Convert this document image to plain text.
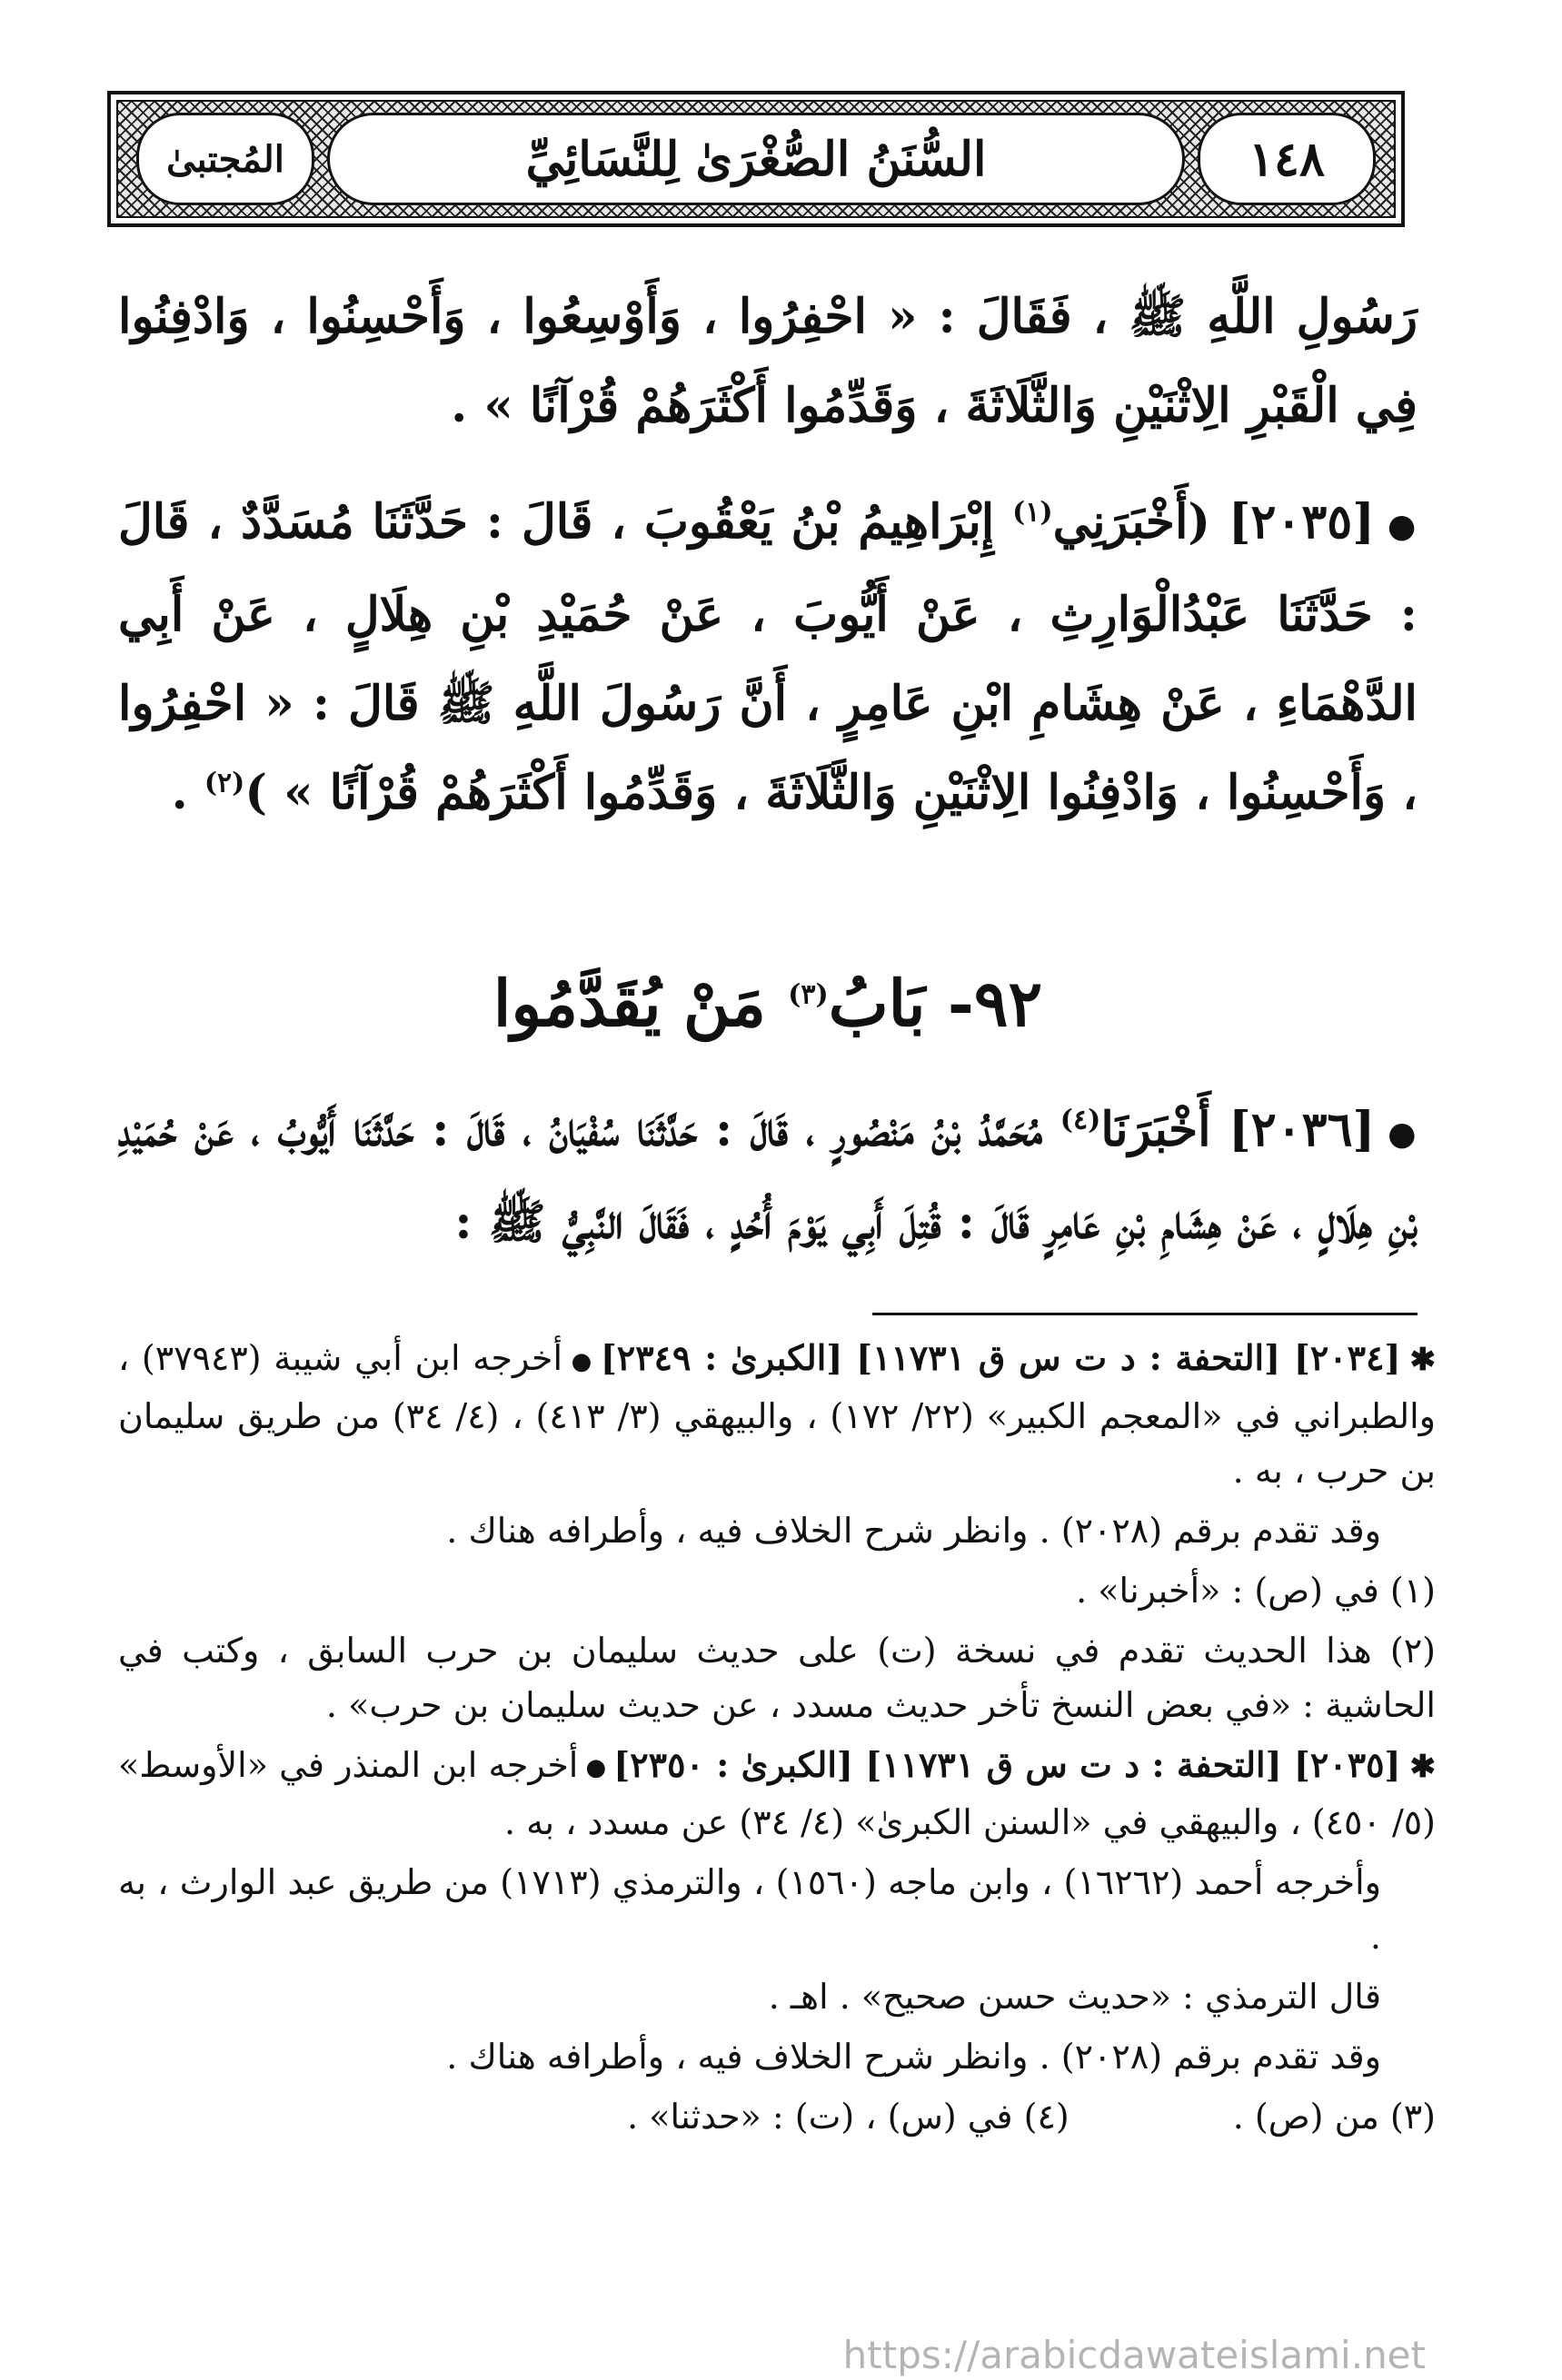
١٤٨
السُّنَنُ الصُّغْرَىٰ لِلنَّسَائِيِّ
المُجتبىٰ

رَسُولِ اللَّهِ ﷺ ، فَقَالَ : « احْفِرُوا ، وَأَوْسِعُوا ، وَأَحْسِنُوا ، وَادْفِنُوا فِي الْقَبْرِ الِاثْنَيْنِ وَالثَّلَاثَةَ ، وَقَدِّمُوا أَكْثَرَهُمْ قُرْآنًا » .

●[٢٠٣٥] (أَخْبَرَنِي$^{(١)}$ إِبْرَاهِيمُ بْنُ يَعْقُوبَ ، قَالَ : حَدَّثَنَا مُسَدَّدٌ ، قَالَ : حَدَّثَنَا عَبْدُالْوَارِثِ ، عَنْ أَيُّوبَ ، عَنْ حُمَيْدِ بْنِ هِلَالٍ ، عَنْ أَبِي الدَّهْمَاءِ ، عَنْ هِشَامِ ابْنِ عَامِرٍ ، أَنَّ رَسُولَ اللَّهِ ﷺ قَالَ : « احْفِرُوا ، وَأَحْسِنُوا ، وَادْفِنُوا الِاثْنَيْنِ وَالثَّلَاثَةَ ، وَقَدِّمُوا أَكْثَرَهُمْ قُرْآنًا » )$^{(٢)}$ .

٩٢- بَابُ$^{(٣)}$ مَنْ يُقَدَّمُوا

●[٢٠٣٦] أَخْبَرَنَا$^{(٤)}$ مُحَمَّدُ بْنُ مَنْصُورٍ ، قَالَ : حَدَّثَنَا سُفْيَانُ ، قَالَ : حَدَّثَنَا أَيُّوبُ ، عَنْ حُمَيْدِ بْنِ هِلَالٍ ، عَنْ هِشَامِ بْنِ عَامِرٍ قَالَ : قُتِلَ أَبِي يَوْمَ أُحُدٍ ، فَقَالَ النَّبِيُّ ﷺ :

✱[٢٠٣٤] [التحفة : د ت س ق ١١٧٣١] [الكبرىٰ : ٢٣٤٩]●أخرجه ابن أبي شيبة (٣٧٩٤٣) ، والطبراني في «المعجم الكبير» (٢٢/ ١٧٢) ، والبيهقي (٣/ ٤١٣) ، (٤/ ٣٤) من طريق سليمان بن حرب ، به .

وقد تقدم برقم (٢٠٢٨) . وانظر شرح الخلاف فيه ، وأطرافه هناك .

(١) في (ص) : «أخبرنا» .

(٢) هذا الحديث تقدم في نسخة (ت) على حديث سليمان بن حرب السابق ، وكتب في الحاشية : «في بعض النسخ تأخر حديث مسدد ، عن حديث سليمان بن حرب» .

✱[٢٠٣٥] [التحفة : د ت س ق ١١٧٣١] [الكبرىٰ : ٢٣٥٠]●أخرجه ابن المنذر في «الأوسط» (٥/ ٤٥٠) ، والبيهقي في «السنن الكبرىٰ» (٤/ ٣٤) عن مسدد ، به .

وأخرجه أحمد (١٦٢٦٢) ، وابن ماجه (١٥٦٠) ، والترمذي (١٧١٣) من طريق عبد الوارث ، به .

قال الترمذي : «حديث حسن صحيح» . اهـ .

وقد تقدم برقم (٢٠٢٨) . وانظر شرح الخلاف فيه ، وأطرافه هناك .

(٣) من (ص) .
(٤) في (س) ، (ت) : «حدثنا» .
https://arabicdawateislami.net
